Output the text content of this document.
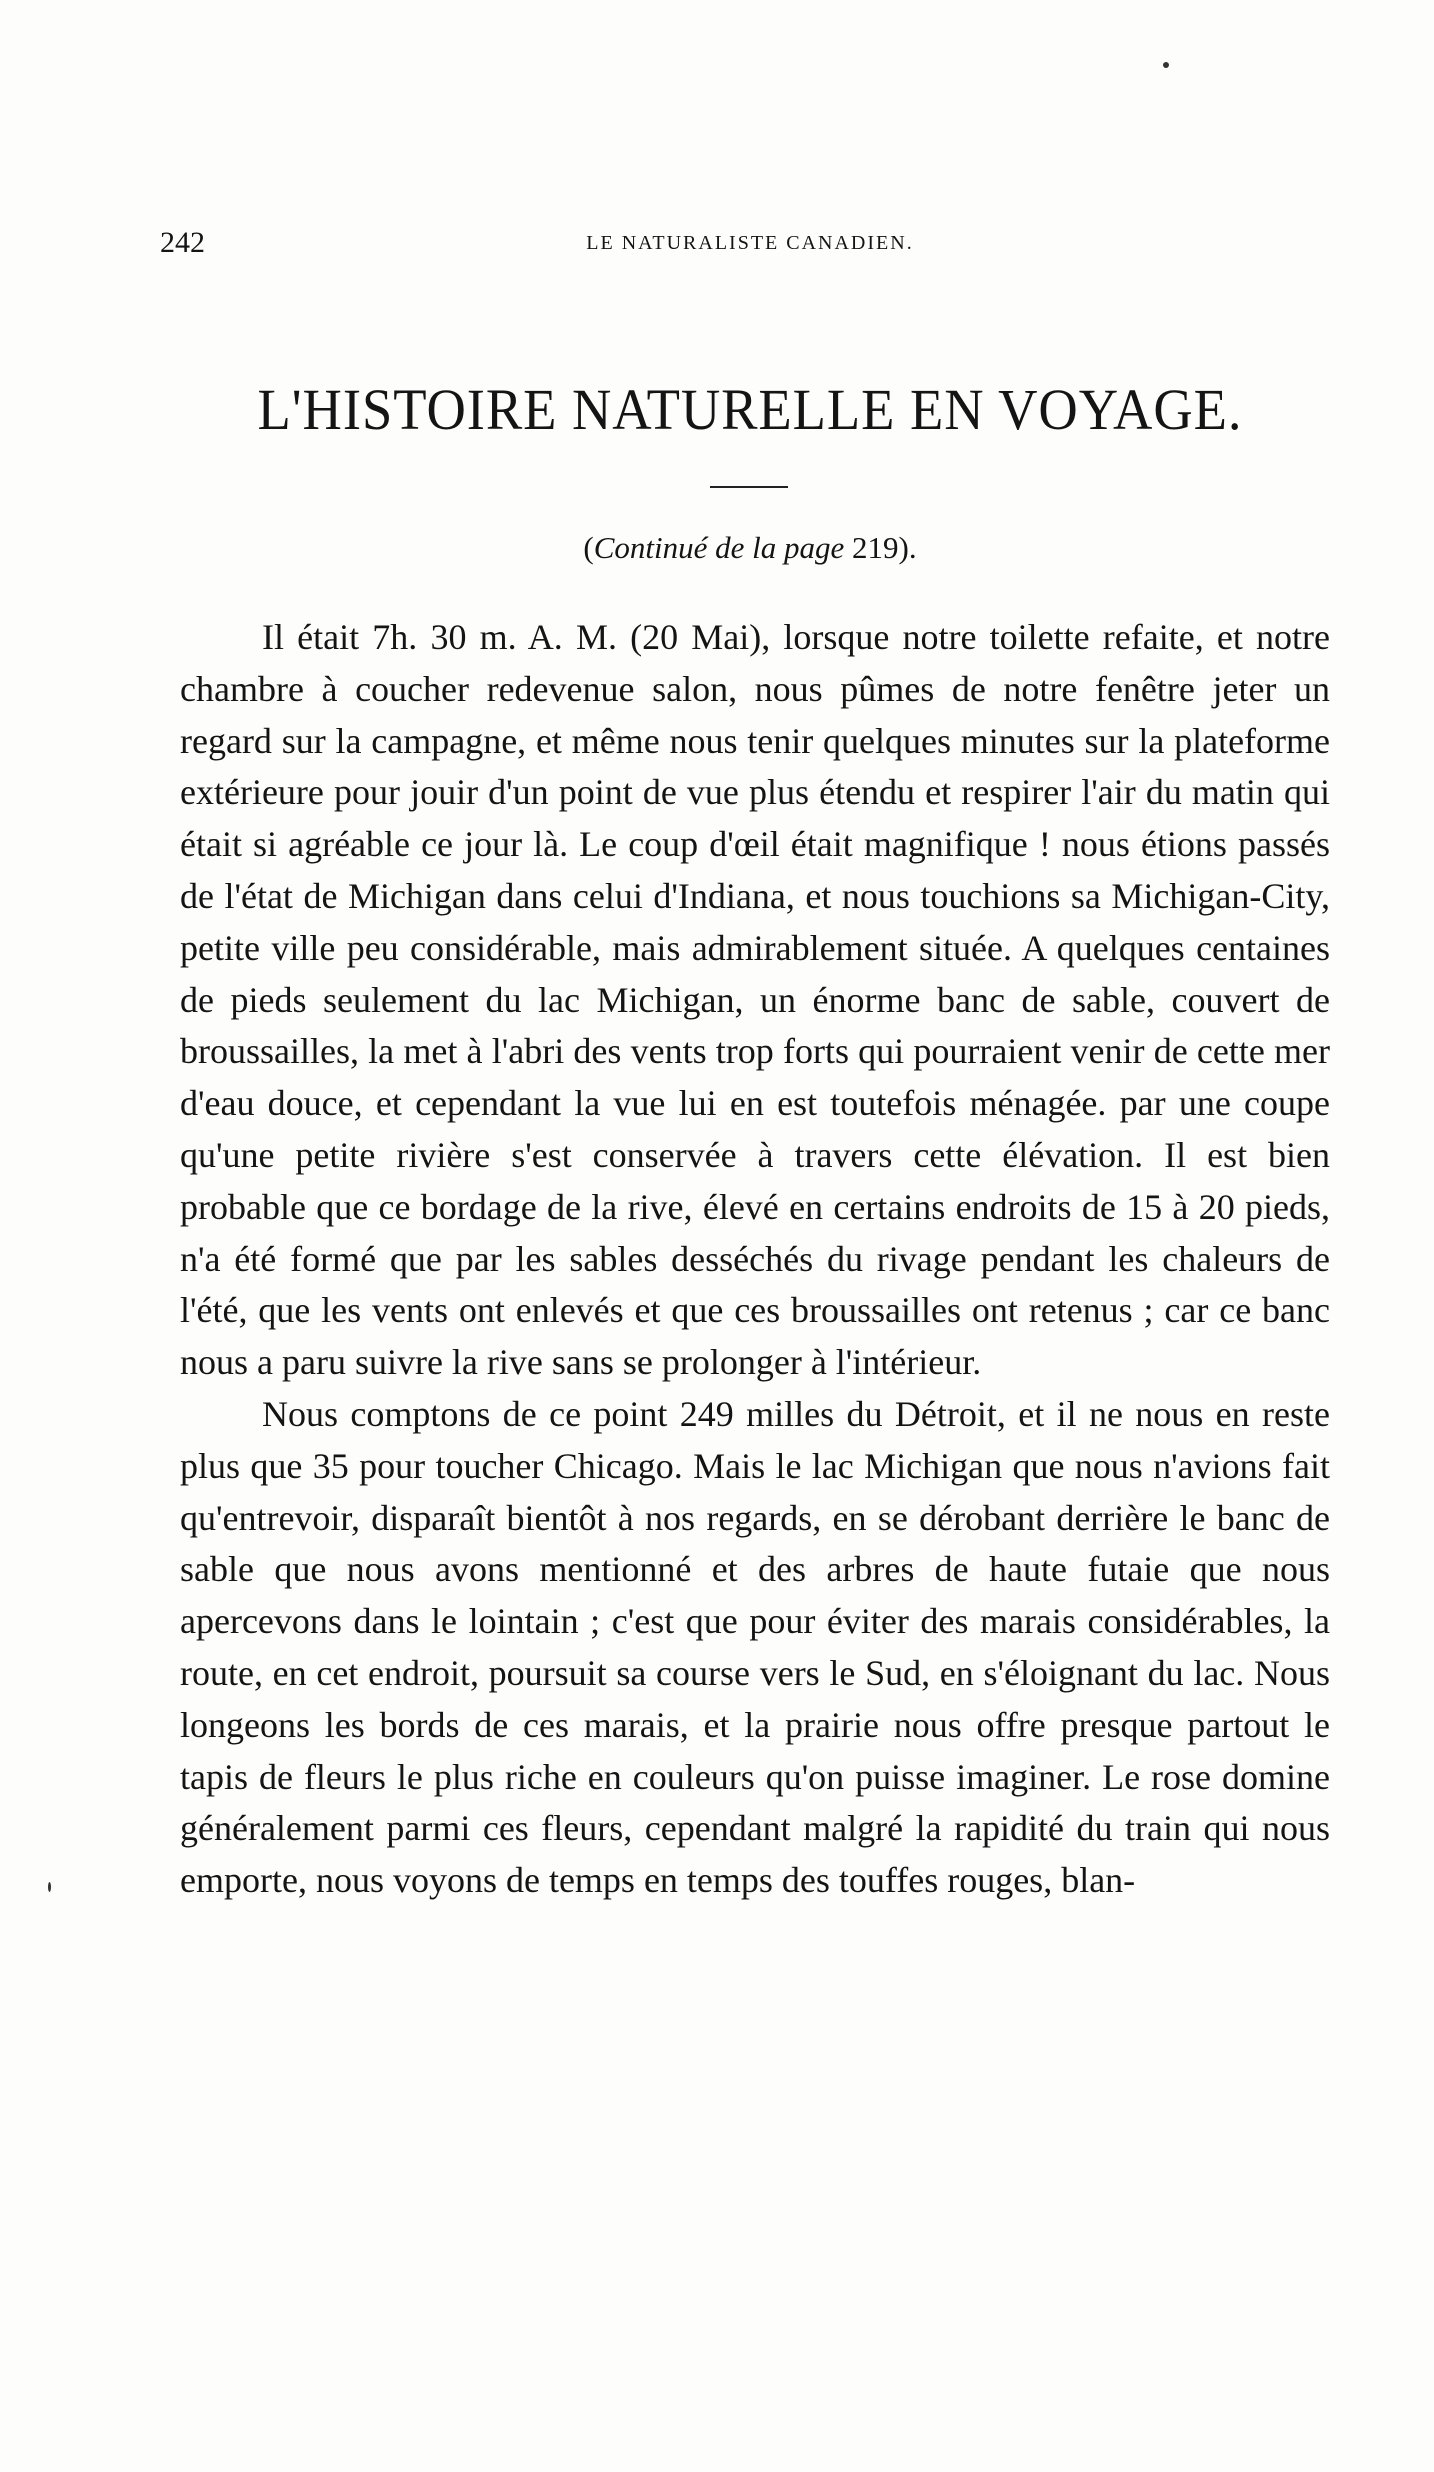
242	LE NATURALISTE CANADIEN.
L'HISTOIRE NATURELLE EN VOYAGE.
(Continué de la page 219).

Il était 7h. 30 m. A. M. (20 Mai), lorsque notre toilette refaite, et notre chambre à coucher redevenue salon, nous pûmes de notre fenêtre jeter un regard sur la campagne, et même nous tenir quelques minutes sur la plateforme extérieure pour jouir d'un point de vue plus étendu et respirer l'air du matin qui était si agréable ce jour là. Le coup d'œil était magnifique ! nous étions passés de l'état de Michigan dans celui d'Indiana, et nous touchions sa Michigan-City, petite ville peu considérable, mais admirablement située. A quelques centaines de pieds seulement du lac Michigan, un énorme banc de sable, couvert de broussailles, la met à l'abri des vents trop forts qui pourraient venir de cette mer d'eau douce, et cependant la vue lui en est toutefois ménagée. par une coupe qu'une petite rivière s'est conservée à travers cette élévation. Il est bien probable que ce bordage de la rive, élevé en certains endroits de 15 à 20 pieds, n'a été formé que par les sables desséchés du rivage pendant les chaleurs de l'été, que les vents ont enlevés et que ces broussailles ont retenus ; car ce banc nous a paru suivre la rive sans se prolonger à l'intérieur.

Nous comptons de ce point 249 milles du Détroit, et il ne nous en reste plus que 35 pour toucher Chicago. Mais le lac Michigan que nous n'avions fait qu'entrevoir, disparaît bientôt à nos regards, en se dérobant derrière le banc de sable que nous avons mentionné et des arbres de haute futaie que nous apercevons dans le lointain ; c'est que pour éviter des marais considérables, la route, en cet endroit, poursuit sa course vers le Sud, en s'éloignant du lac. Nous longeons les bords de ces marais, et la prairie nous offre presque partout le tapis de fleurs le plus riche en couleurs qu'on puisse imaginer. Le rose domine généralement parmi ces fleurs, cependant malgré la rapidité du train qui nous emporte, nous voyons de temps en temps des touffes rouges, blan-
